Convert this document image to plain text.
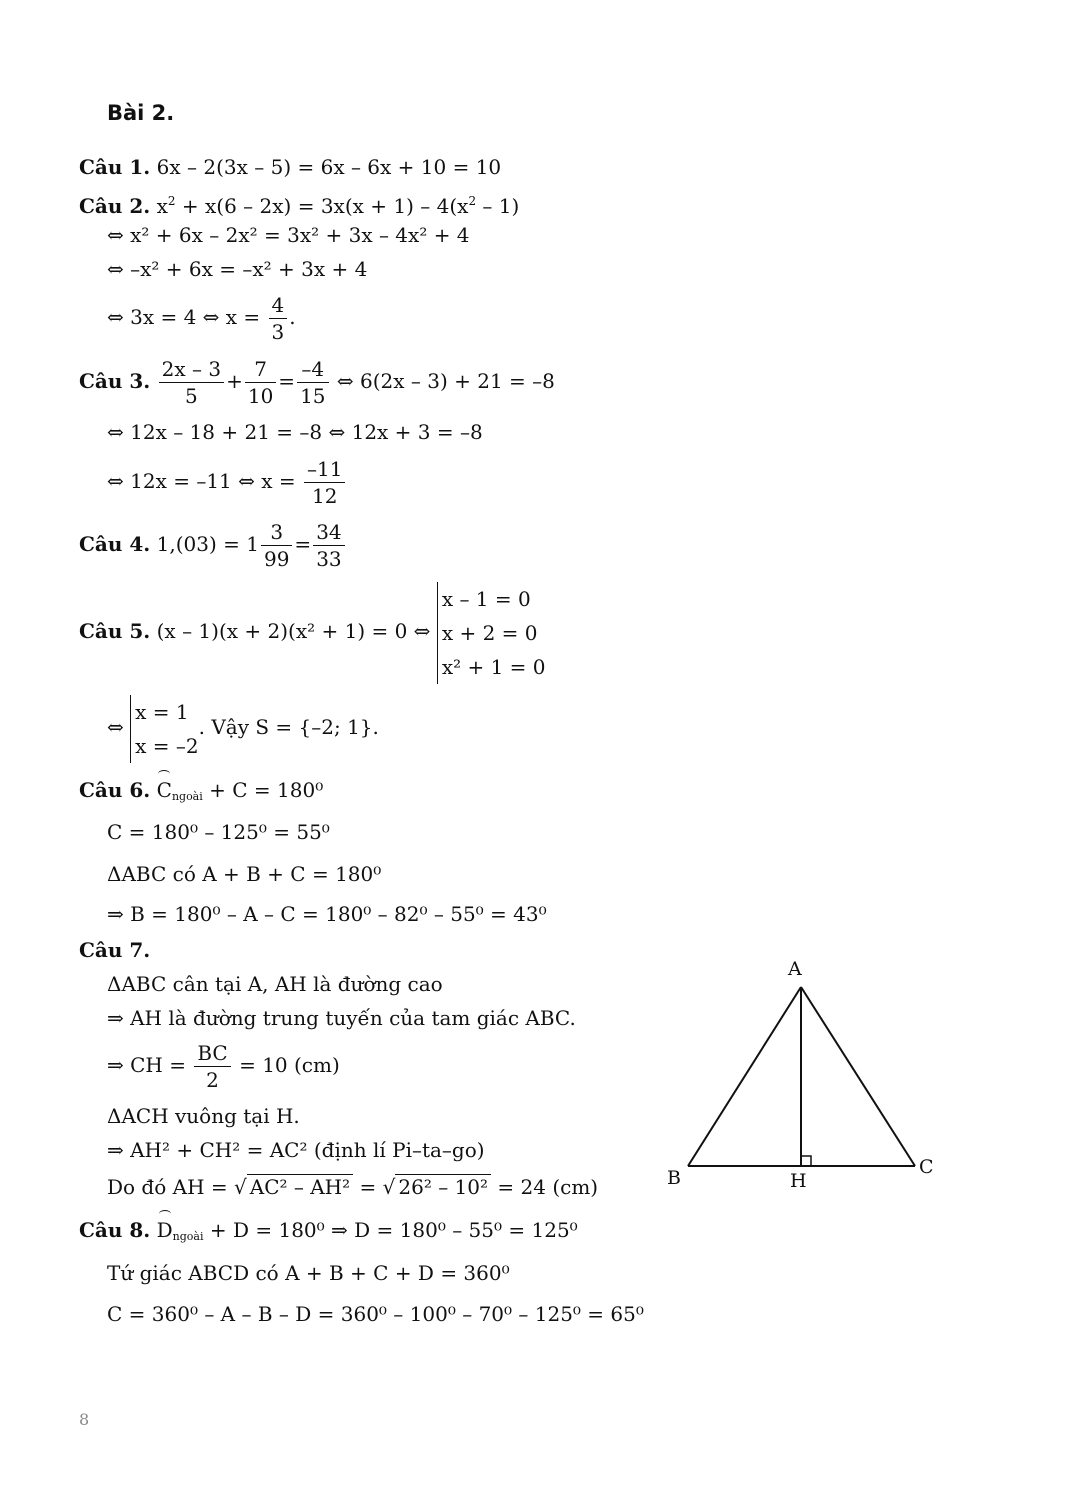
Bài 2.
Câu 1. 6x – 2(3x – 5) = 6x – 6x + 10 = 10
Câu 2. $x^2 + x(6 - 2x) = 3x(x + 1) - 4(x^2 - 1)$
⇔ x² + 6x – 2x² = 3x² + 3x – 4x² + 4
⇔ –x² + 6x = –x² + 3x + 4
⇔ 3x = 4 ⇔ $x = \frac{4}{3}$ .
Câu 3. $\frac{2x - 3}{5} + \frac{7}{10} = \frac{-4}{15}$ ⇔ 6(2x – 3) + 21 = –8
⇔ 12x – 18 + 21 = –8 ⇔ 12x + 3 = –8
⇔ 12x = –11 ⇔ $x = \frac{-11}{12}$
Câu 4. $1,(03) = 1 \frac{3}{99} = \frac{34}{33}$
Câu 5. (x – 1)(x + 2)(x² + 1) = 0 ⇔
x – 1 = 0
x + 2 = 0
x² + 1 = 0
⇔
x = 1
x = –2
. Vậy S = {–2; 1}.
Câu 6. $C_{ngoài} + C = 180^0$
C = 180⁰ – 125⁰ = 55⁰
ΔABC có A + B + C = 180⁰
⇒ B = 180⁰ – A – C = 180⁰ – 82⁰ – 55⁰ = 43⁰
Câu 7.
ΔABC cân tại A, AH là đường cao
⇒ AH là đường trung tuyến của tam giác ABC.
⇒ CH = $\frac{BC}{2} = 10$ (cm)
ΔACH vuông tại H.
⇒ AH² + CH² = AC² (định lí Pi–ta–go)
Do đó AH = √ AC² – AH² = √ 26² – 10² = 24 (cm)
Câu 8. $D_{ngoài} + D = 180^0$ ⇒ D = 180⁰ – 55⁰ = 125⁰
Tứ giác ABCD có A + B + C + D = 360⁰
C = 360⁰ – A – B – D = 360⁰ – 100⁰ – 70⁰ – 125⁰ = 65⁰
A
B	C
H
8
